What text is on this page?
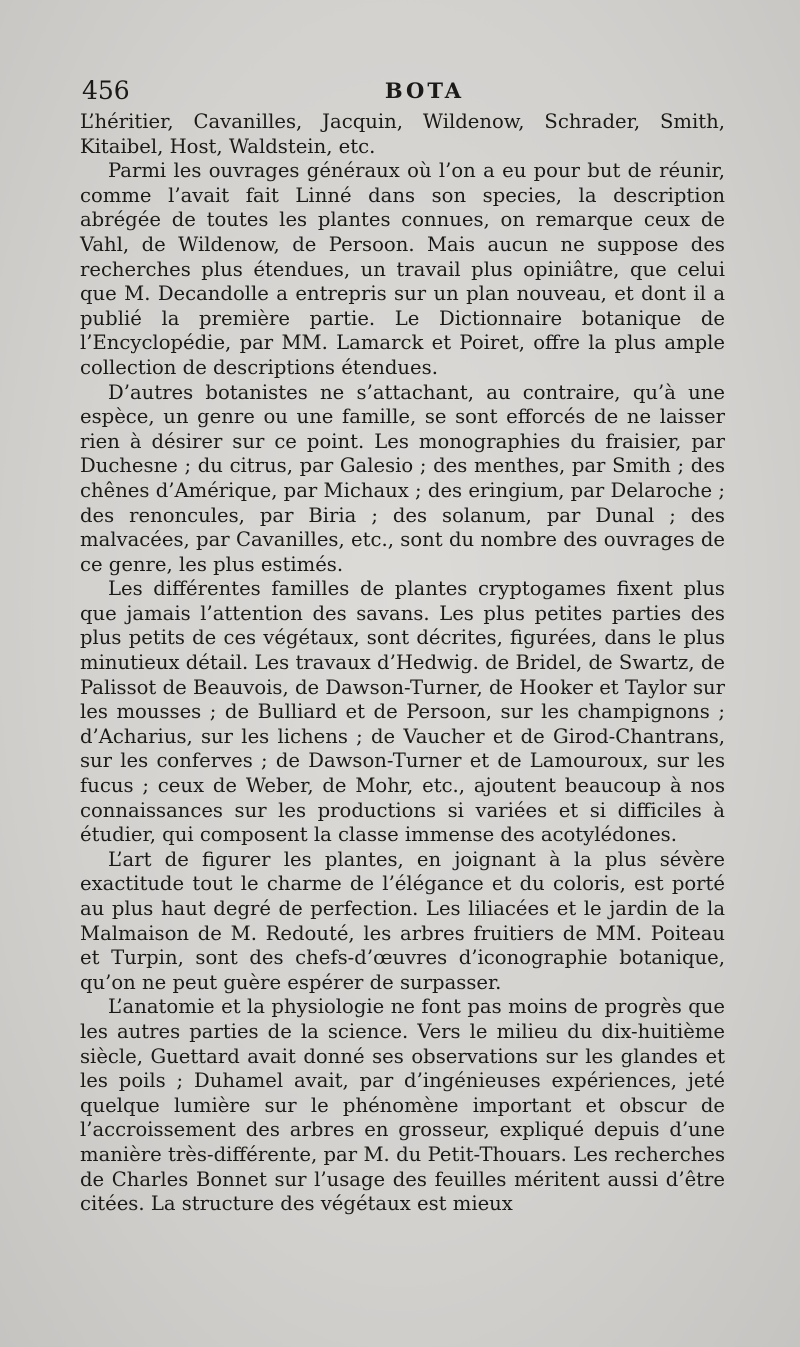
456	BOTA

L’héritier, Cavanilles, Jacquin, Wildenow, Schrader, Smith, Kitaibel, Host, Waldstein, etc.

Parmi les ouvrages généraux où l’on a eu pour but de réunir, comme l’avait fait Linné dans son species, la description abrégée de toutes les plantes connues, on remarque ceux de Vahl, de Wildenow, de Persoon. Mais aucun ne suppose des recherches plus étendues, un travail plus opiniâtre, que celui que M. Decandolle a entrepris sur un plan nouveau, et dont il a publié la première partie. Le Dictionnaire botanique de l’Encyclopédie, par MM. Lamarck et Poiret, offre la plus ample collection de descriptions étendues.

D’autres botanistes ne s’attachant, au contraire, qu’à une espèce, un genre ou une famille, se sont efforcés de ne laisser rien à désirer sur ce point. Les monographies du fraisier, par Duchesne ; du citrus, par Galesio ; des menthes, par Smith ; des chênes d’Amérique, par Michaux ; des eringium, par Delaroche ; des renoncules, par Biria ; des solanum, par Dunal ; des malvacées, par Cavanilles, etc., sont du nombre des ouvrages de ce genre, les plus estimés.

Les différentes familles de plantes cryptogames fixent plus que jamais l’attention des savans. Les plus petites parties des plus petits de ces végétaux, sont décrites, figurées, dans le plus minutieux détail. Les travaux d’Hedwig. de Bridel, de Swartz, de Palissot de Beauvois, de Dawson-Turner, de Hooker et Taylor sur les mousses ; de Bulliard et de Persoon, sur les champignons ; d’Acharius, sur les lichens ; de Vaucher et de Girod-Chantrans, sur les conferves ; de Dawson-Turner et de Lamouroux, sur les fucus ; ceux de Weber, de Mohr, etc., ajoutent beaucoup à nos connaissances sur les productions si variées et si difficiles à étudier, qui composent la classe immense des acotylédones.

L’art de figurer les plantes, en joignant à la plus sévère exactitude tout le charme de l’élégance et du coloris, est porté au plus haut degré de perfection. Les liliacées et le jardin de la Malmaison de M. Redouté, les arbres fruitiers de MM. Poiteau et Turpin, sont des chefs-d’œuvres d’iconographie botanique, qu’on ne peut guère espérer de surpasser.

L’anatomie et la physiologie ne font pas moins de progrès que les autres parties de la science. Vers le milieu du dix-huitième siècle, Guettard avait donné ses observations sur les glandes et les poils ; Duhamel avait, par d’ingénieuses expériences, jeté quelque lumière sur le phénomène important et obscur de l’accroissement des arbres en grosseur, expliqué depuis d’une manière très-différente, par M. du Petit-Thouars. Les recherches de Charles Bonnet sur l’usage des feuilles méritent aussi d’être citées. La structure des végétaux est mieux
